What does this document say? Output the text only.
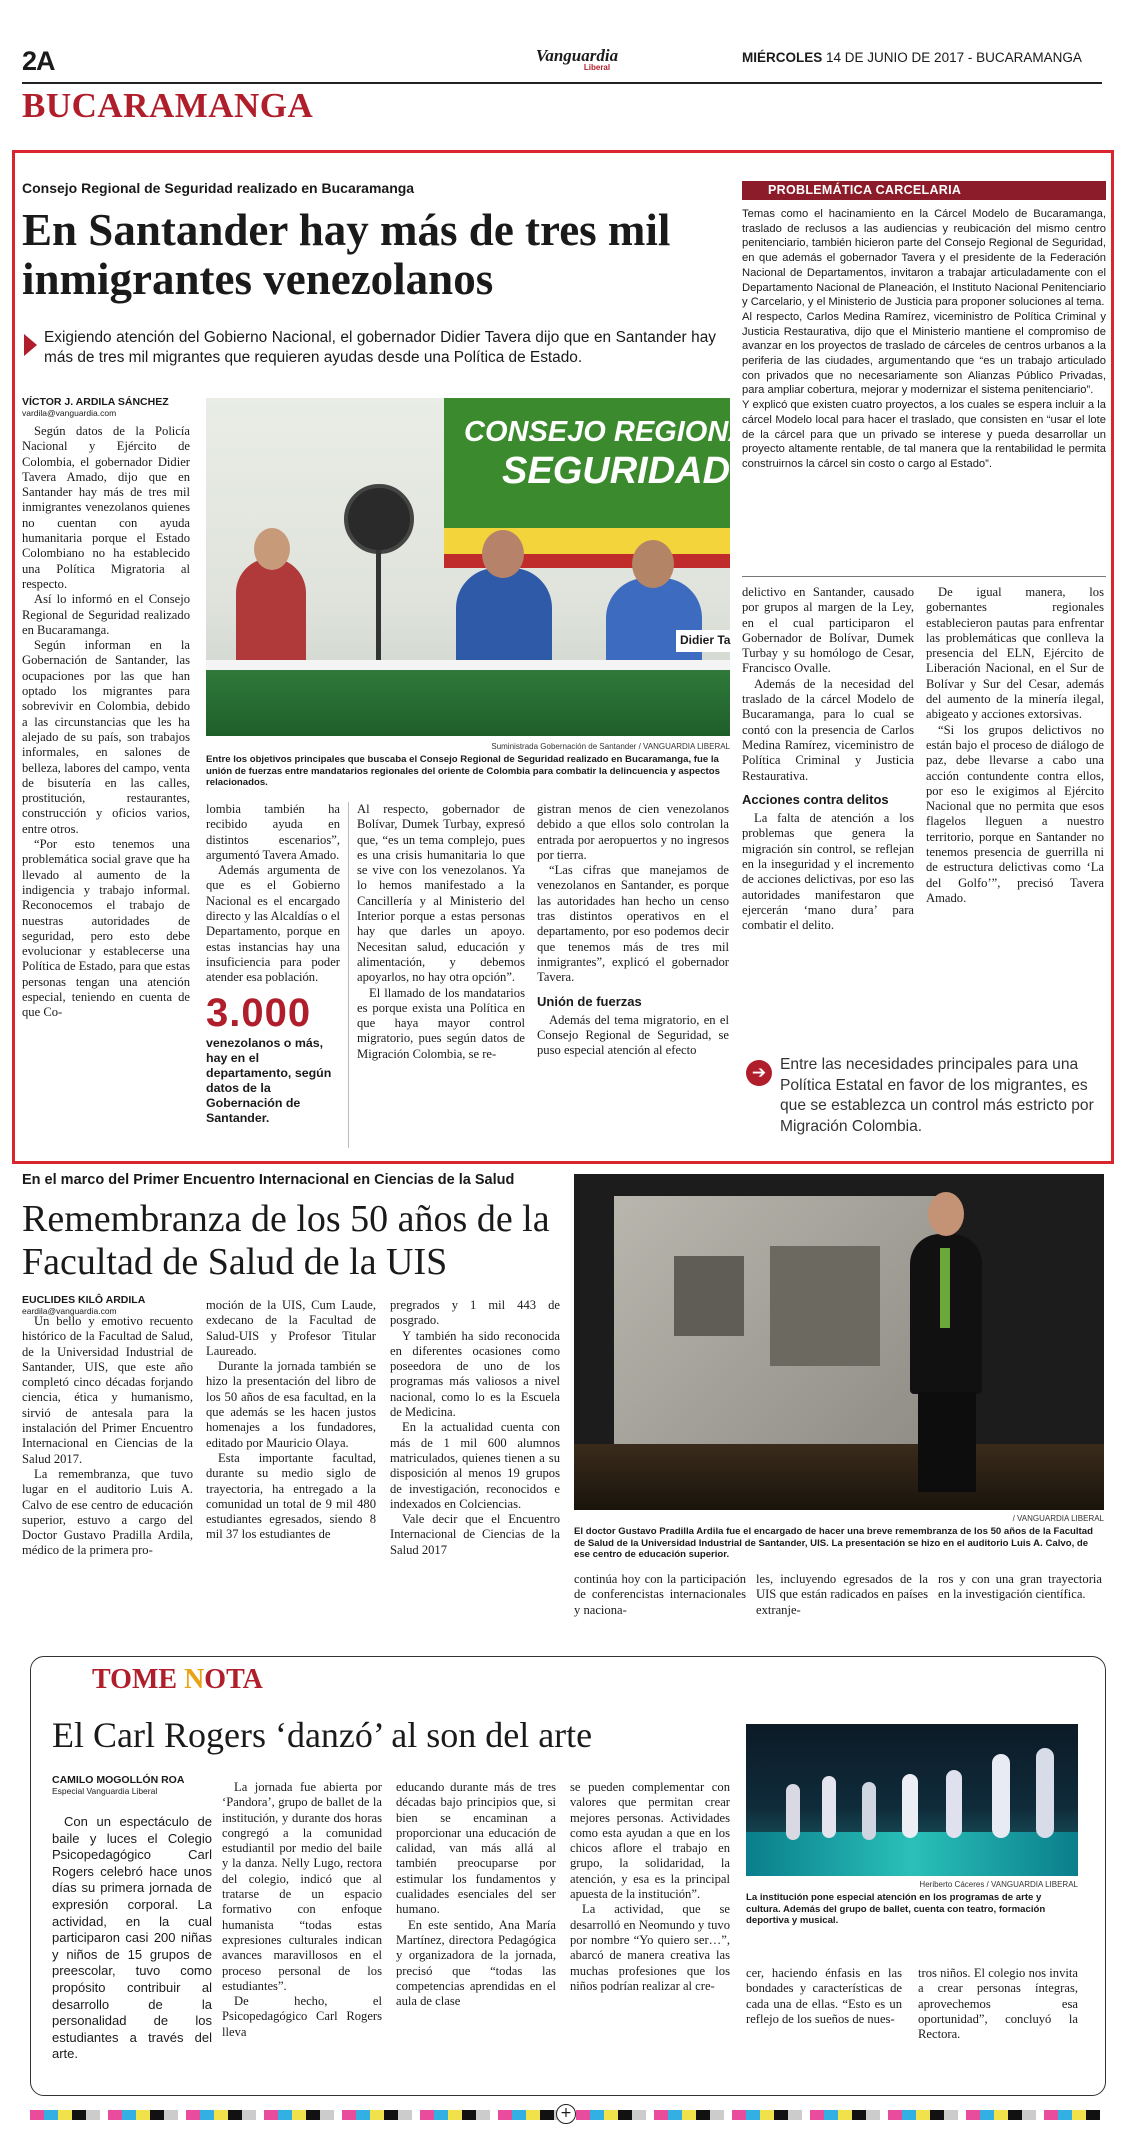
2A	Vanguardia
Liberal
MIÉRCOLES 14 DE JUNIO DE 2017 - BUCARAMANGA
BUCARAMANGA
Consejo Regional de Seguridad realizado en Bucaramanga
En Santander hay más de tres mil inmigrantes venezolanos
Exigiendo atención del Gobierno Nacional, el gobernador Didier Tavera dijo que en Santander hay más de tres mil migrantes que requieren ayudas desde una Política de Estado.
VÍCTOR J. ARDILA SÁNCHEZ
vardila@vanguardia.com

Según datos de la Policía Nacional y Ejército de Colombia, el gobernador Didier Tavera Amado, dijo que en Santander hay más de tres mil inmigrantes venezolanos quienes no cuentan con ayuda humanitaria porque el Estado Colombiano no ha establecido una Política Migratoria al respecto.

Así lo informó en el Consejo Regional de Seguridad realizado en Bucaramanga.

Según informan en la Gobernación de Santander, las ocupaciones por las que han optado los migrantes para sobrevivir en Colombia, debido a las circunstancias que les ha alejado de su país, son trabajos informales, en salones de belleza, labores del campo, venta de bisutería en las calles, prostitución, restaurantes, construcción y oficios varios, entre otros.

“Por esto tenemos una problemática social grave que ha llevado al aumento de la indigencia y trabajo informal. Reconocemos el trabajo de nuestras autoridades de seguridad, pero esto debe evolucionar y establecerse una Política de Estado, para que estas personas tengan una atención especial, teniendo en cuenta de que Co-

CONSEJO REGIONAL
SEGURIDAD
Didier Ta
Suministrada Gobernación de Santander / VANGUARDIA LIBERAL
Entre los objetivos principales que buscaba el Consejo Regional de Seguridad realizado en Bucaramanga, fue la unión de fuerzas entre mandatarios regionales del oriente de Colombia para combatir la delincuencia y aspectos relacionados.

lombia también ha recibido ayuda en distintos escenarios”, argumentó Tavera Amado.

Además argumenta de que es el Gobierno Nacional es el encargado directo y las Alcaldías o el Departamento, porque en estas instancias hay una insuficiencia para poder atender esa población.

3.000
venezolanos o más, hay en el departamento, según datos de la Gobernación de Santander.

Al respecto, gobernador de Bolívar, Dumek Turbay, expresó que, “es un tema complejo, pues es una crisis humanitaria lo que se vive con los venezolanos. Ya lo hemos manifestado a la Cancillería y al Ministerio del Interior porque a estas personas hay que darles un apoyo. Necesitan salud, educación y alimentación, y debemos apoyarlos, no hay otra opción”.

El llamado de los mandatarios es porque exista una Política en que haya mayor control migratorio, pues según datos de Migración Colombia, se re-

gistran menos de cien venezolanos debido a que ellos solo controlan la entrada por aeropuertos y no ingresos por tierra.

“Las cifras que manejamos de venezolanos en Santander, es porque las autoridades han hecho un censo tras distintos operativos en el departamento, por eso podemos decir que tenemos más de tres mil inmigrantes”, explicó el gobernador Tavera.

Unión de fuerzas

Además del tema migratorio, en el Consejo Regional de Seguridad, se puso especial atención al efecto

PROBLEMÁTICA CARCELARIA

Temas como el hacinamiento en la Cárcel Modelo de Bucaramanga, traslado de reclusos a las audiencias y reubicación del mismo centro penitenciario, también hicieron parte del Consejo Regional de Seguridad, en que además el gobernador Tavera y el presidente de la Federación Nacional de Departamentos, invitaron a trabajar articuladamente con el Departamento Nacional de Planeación, el Instituto Nacional Penitenciario y Carcelario, y el Ministerio de Justicia para proponer soluciones al tema.

Al respecto, Carlos Medina Ramírez, viceministro de Política Criminal y Justicia Restaurativa, dijo que el Ministerio mantiene el compromiso de avanzar en los proyectos de traslado de cárceles de centros urbanos a la periferia de las ciudades, argumentando que “es un trabajo articulado con privados que no necesariamente son Alianzas Público Privadas, para ampliar cobertura, mejorar y modernizar el sistema penitenciario”.

Y explicó que existen cuatro proyectos, a los cuales se espera incluir a la cárcel Modelo local para hacer el traslado, que consisten en “usar el lote de la cárcel para que un privado se interese y pueda desarrollar un proyecto altamente rentable, de tal manera que la rentabilidad le permita construirnos la cárcel sin costo o cargo al Estado”.

delictivo en Santander, causado por grupos al margen de la Ley, en el cual participaron el Gobernador de Bolívar, Dumek Turbay y su homólogo de Cesar, Francisco Ovalle.

Además de la necesidad del traslado de la cárcel Modelo de Bucaramanga, para lo cual se contó con la presencia de Carlos Medina Ramírez, viceministro de Política Criminal y Justicia Restaurativa.

Acciones contra delitos

La falta de atención a los problemas que genera la migración sin control, se reflejan en la inseguridad y el incremento de acciones delictivas, por eso las autoridades manifestaron que ejercerán ‘mano dura’ para combatir el delito.

De igual manera, los gobernantes regionales establecieron pautas para enfrentar las problemáticas que conlleva la presencia del ELN, Ejército de Liberación Nacional, en el Sur de Bolívar y Sur del Cesar, además del aumento de la minería ilegal, abigeato y acciones extorsivas.

“Si los grupos delictivos no están bajo el proceso de diálogo de paz, debe llevarse a cabo una acción contundente contra ellos, por eso le exigimos al Ejército Nacional que no permita que esos flagelos lleguen a nuestro territorio, porque en Santander no tenemos presencia de guerrilla ni de estructura delictivas como ‘La del Golfo’”, precisó Tavera Amado.

➔ Entre las necesidades principales para una Política Estatal en favor de los migrantes, es que se establezca un control más estricto por Migración Colombia.
En el marco del Primer Encuentro Internacional en Ciencias de la Salud
Remembranza de los 50 años de la Facultad de Salud de la UIS
EUCLIDES KILÔ ARDILA
eardila@vanguardia.com

Un bello y emotivo recuento histórico de la Facultad de Salud, de la Universidad Industrial de Santander, UIS, que este año completó cinco décadas forjando ciencia, ética y humanismo, sirvió de antesala para la instalación del Primer Encuentro Internacional en Ciencias de la Salud 2017.

La remembranza, que tuvo lugar en el auditorio Luis A. Calvo de ese centro de educación superior, estuvo a cargo del Doctor Gustavo Pradilla Ardila, médico de la primera pro-

moción de la UIS, Cum Laude, exdecano de la Facultad de Salud-UIS y Profesor Titular Laureado.

Durante la jornada también se hizo la presentación del libro de los 50 años de esa facultad, en la que además se les hacen justos homenajes a los fundadores, editado por Mauricio Olaya.

Esta importante facultad, durante su medio siglo de trayectoria, ha entregado a la comunidad un total de 9 mil 480 estudiantes egresados, siendo 8 mil 37 los estudiantes de

pregrados y 1 mil 443 de posgrado.

Y también ha sido reconocida en diferentes ocasiones como poseedora de uno de los programas más valiosos a nivel nacional, como lo es la Escuela de Medicina.

En la actualidad cuenta con más de 1 mil 600 alumnos matriculados, quienes tienen a su disposición al menos 19 grupos de investigación, reconocidos e indexados en Colciencias.

Vale decir que el Encuentro Internacional de Ciencias de la Salud 2017

/ VANGUARDIA LIBERAL
El doctor Gustavo Pradilla Ardila fue el encargado de hacer una breve remembranza de los 50 años de la Facultad de Salud de la Universidad Industrial de Santander, UIS. La presentación se hizo en el auditorio Luis A. Calvo, de ese centro de educación superior.
continúa hoy con la participación de conferencistas internacionales y naciona-
les, incluyendo egresados de la UIS que están radicados en países extranje-
ros y con una gran trayectoria en la investigación científica.
TOME NOTA
El Carl Rogers ‘danzó’ al son del arte
CAMILO MOGOLLÓN ROA
Especial Vanguardia Liberal

Con un espectáculo de baile y luces el Colegio Psicopedagógico Carl Rogers celebró hace unos días su primera jornada de expresión corporal. La actividad, en la cual participaron casi 200 niñas y niños de 15 grupos de preescolar, tuvo como propósito contribuir al desarrollo de la personalidad de los estudiantes a través del arte.

La jornada fue abierta por ‘Pandora’, grupo de ballet de la institución, y durante dos horas congregó a la comunidad estudiantil por medio del baile y la danza. Nelly Lugo, rectora del colegio, indicó que al tratarse de un espacio formativo con enfoque humanista “todas estas expresiones culturales indican avances maravillosos en el proceso personal de los estudiantes”.

De hecho, el Psicopedagógico Carl Rogers lleva

educando durante más de tres décadas bajo principios que, si bien se encaminan a proporcionar una educación de calidad, van más allá al también preocuparse por estimular los fundamentos y cualidades esenciales del ser humano.

En este sentido, Ana María Martínez, directora Pedagógica y organizadora de la jornada, precisó que “todas las competencias aprendidas en el aula de clase

se pueden complementar con valores que permitan crear mejores personas. Actividades como esta ayudan a que en los chicos aflore el trabajo en grupo, la solidaridad, la atención, y esa es la principal apuesta de la institución”.

La actividad, que se desarrolló en Neomundo y tuvo por nombre “Yo quiero ser…”, abarcó de manera creativa las muchas profesiones que los niños podrían realizar al cre-

Heriberto Cáceres / VANGUARDIA LIBERAL
La institución pone especial atención en los programas de arte y cultura. Además del grupo de ballet, cuenta con teatro, formación deportiva y musical.

cer, haciendo énfasis en las bondades y características de cada una de ellas. “Esto es un reflejo de los sueños de nues-

tros niños. El colegio nos invita a crear personas íntegras, aprovechemos esa oportunidad”, concluyó la Rectora.

+
